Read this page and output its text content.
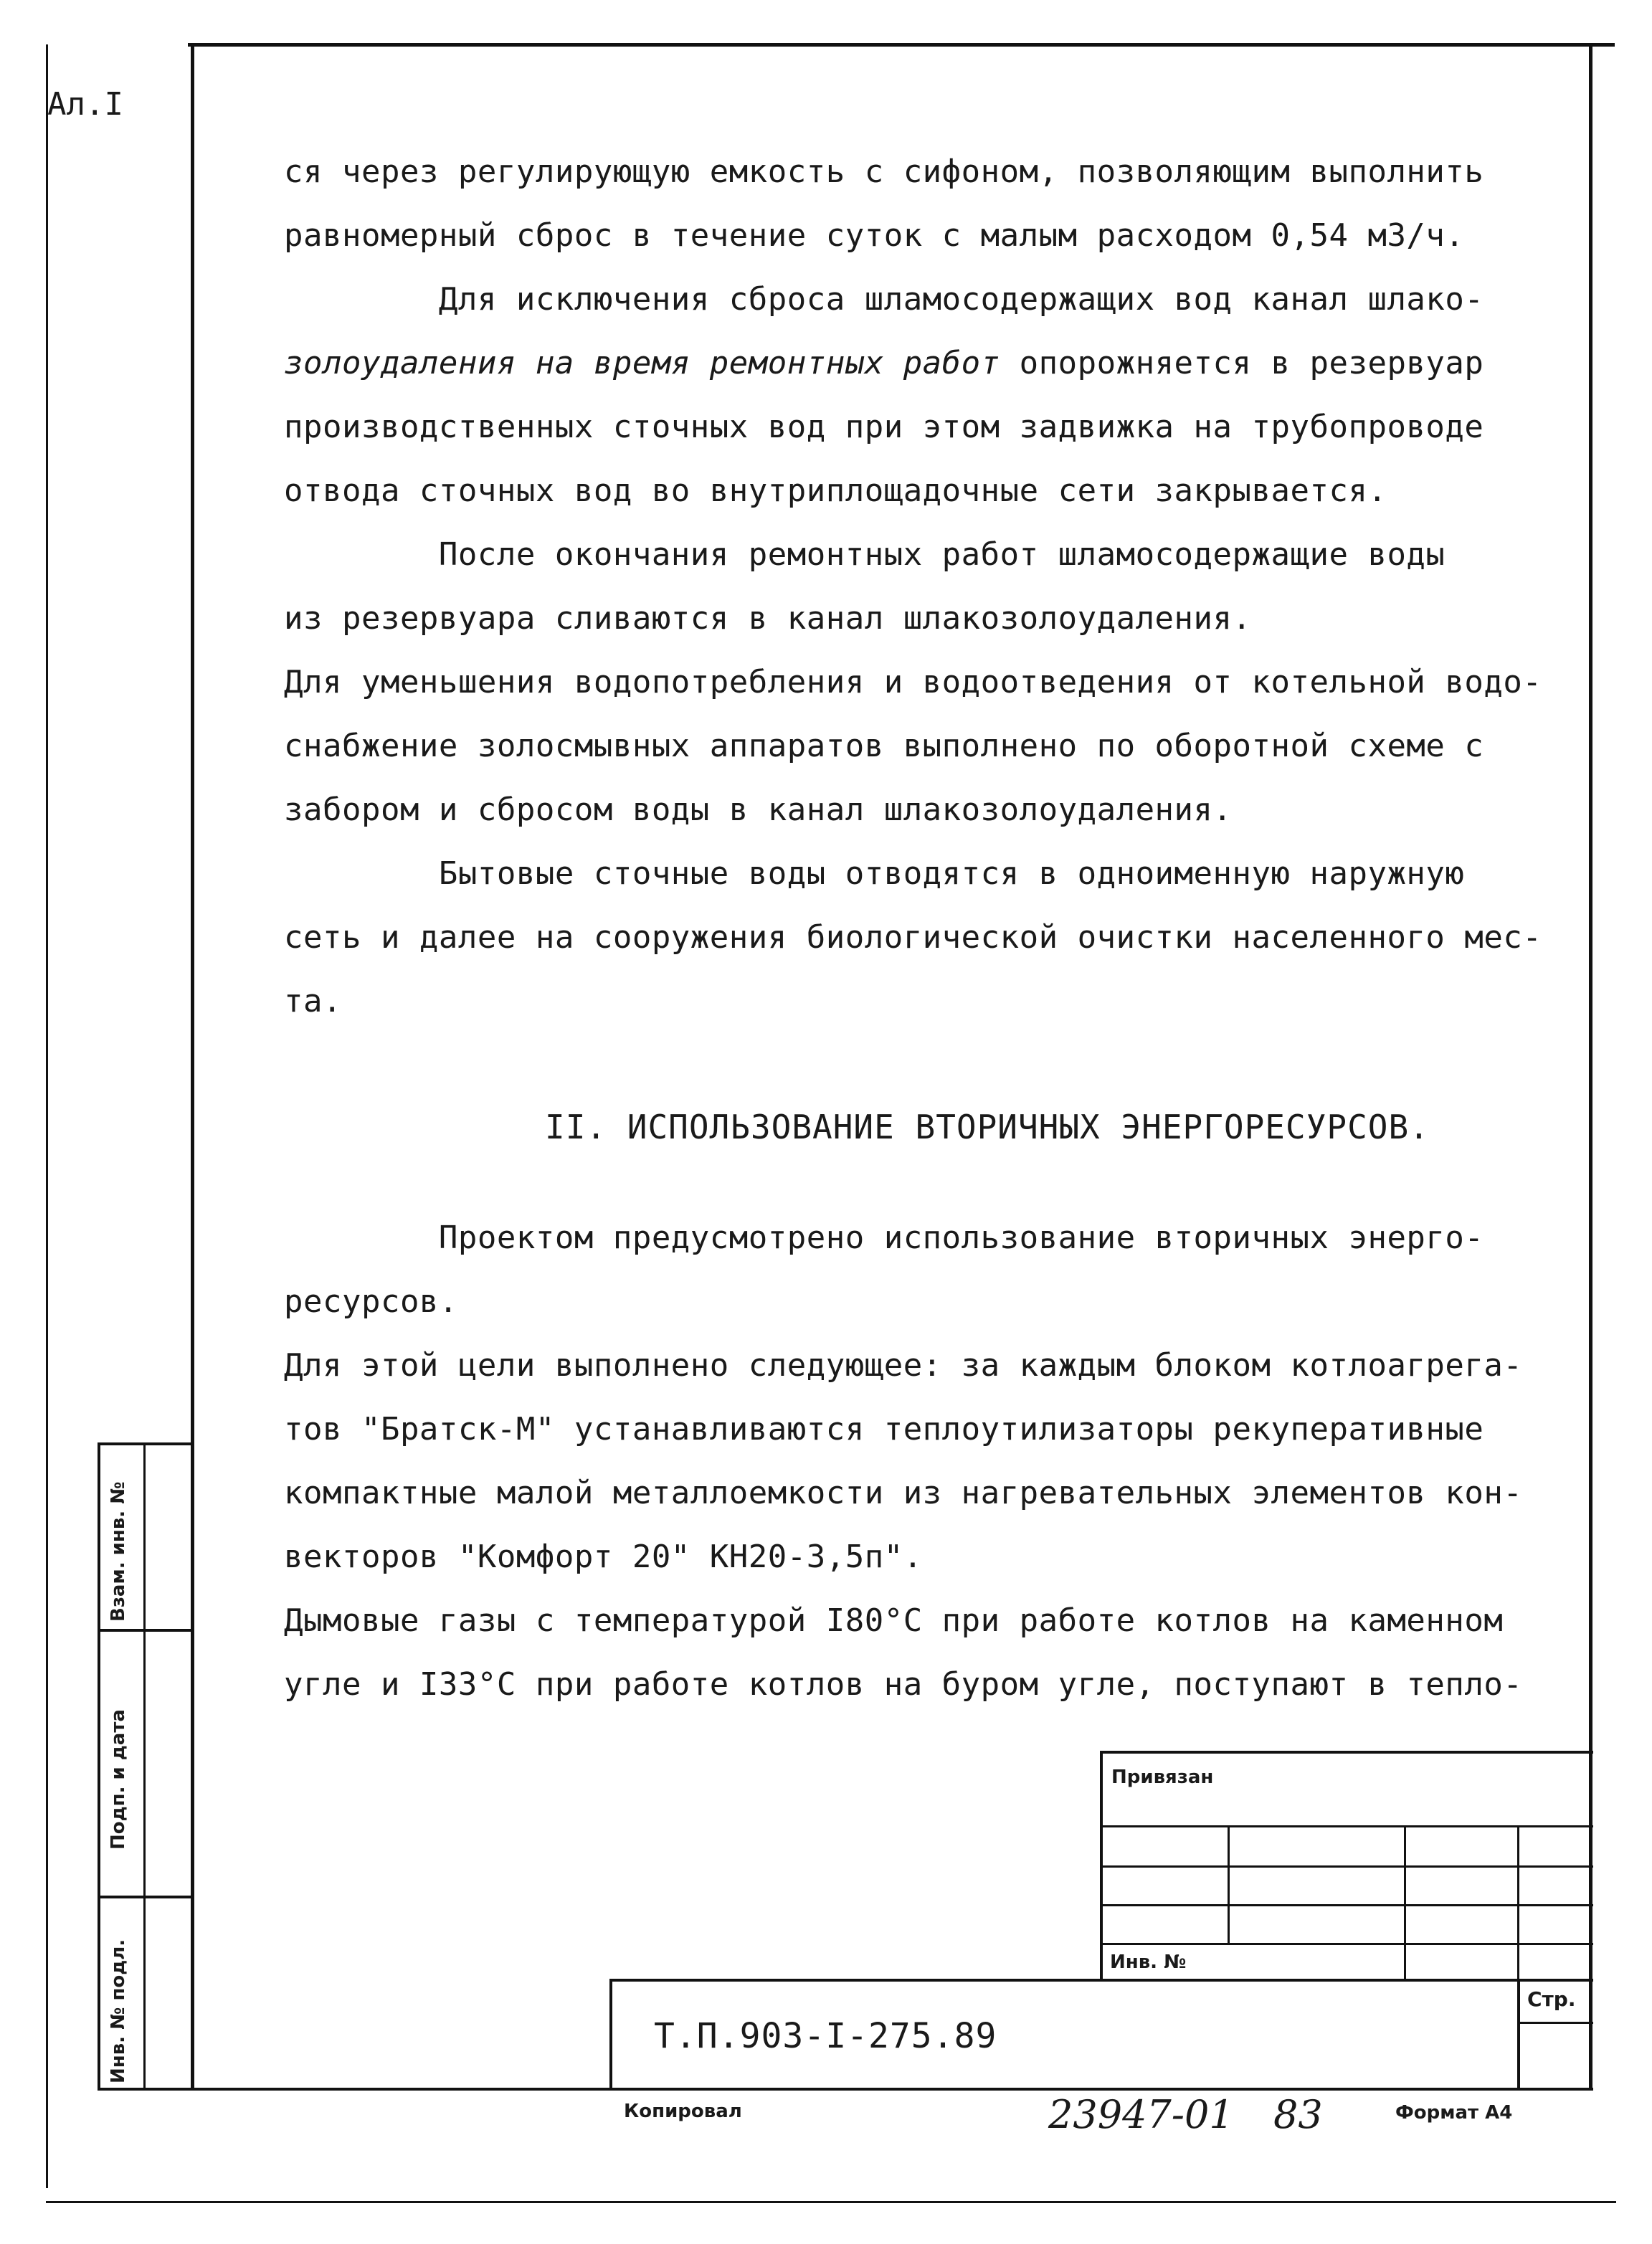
Ал.I
ся через регулирующую емкость с сифоном, позволяющим выполнить
равномерный сброс в течение суток с малым расходом 0,54 м3/ч.
Для исключения сброса шламосодержащих вод канал шлако-
золоудаления на время ремонтных работ опорожняется в резервуар
производственных сточных вод при этом задвижка на трубопроводе
отвода сточных вод во внутриплощадочные сети закрывается.
После окончания ремонтных работ шламосодержащие воды
из резервуара сливаются в канал шлакозолоудаления.
Для уменьшения водопотребления и водоотведения от котельной водо-
снабжение золосмывных аппаратов выполнено по оборотной схеме с
забором и сбросом воды в канал шлакозолоудаления.
Бытовые сточные воды отводятся в одноименную наружную
сеть и далее на сооружения биологической очистки населенного мес-
та.
II. ИСПОЛЬЗОВАНИЕ ВТОРИЧНЫХ ЭНЕРГОРЕСУРСОВ.
Проектом предусмотрено использование вторичных энерго-
ресурсов.
Для этой цели выполнено следующее: за каждым блоком котлоагрега-
тов "Братск-М" устанавливаются теплоутилизаторы рекуперативные
компактные малой металлоемкости из нагревательных элементов кон-
векторов "Комфорт 20" КН20-3,5п".
Дымовые газы с температурой I80°С при работе котлов на каменном
угле и I33°С при работе котлов на буром угле, поступают в тепло-
Взам. инв. №
Подп. и дата
Инв. № подл.
Привязан
Инв. №
Стр.
Т.П.903-I-275.89
Копировал	23947-01 83	Формат А4
